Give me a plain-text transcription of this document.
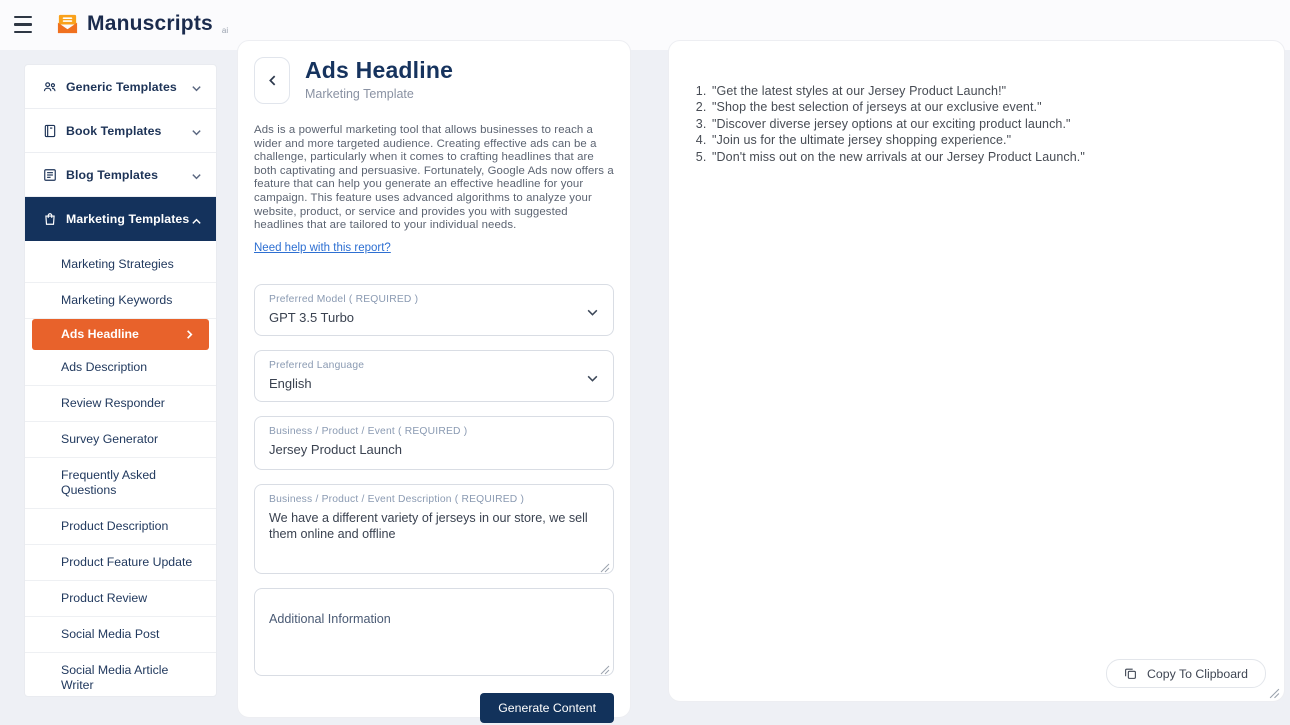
Manuscripts ai
Generic Templates
Book Templates
Blog Templates
Marketing Templates
Marketing Strategies
Marketing Keywords
Ads Headline
Ads Description
Review Responder
Survey Generator
Frequently Asked Questions
Product Description
Product Feature Update
Product Review
Social Media Post
Social Media Article Writer
Ads Headline
Marketing Template
Ads is a powerful marketing tool that allows businesses to reach a wider and more targeted audience. Creating effective ads can be a challenge, particularly when it comes to crafting headlines that are both captivating and persuasive. Fortunately, Google Ads now offers a feature that can help you generate an effective headline for your campaign. This feature uses advanced algorithms to analyze your website, product, or service and provides you with suggested headlines that are tailored to your individual needs.
Need help with this report?
Preferred Model ( REQUIRED )
GPT 3.5 Turbo
Preferred Language
English
Business / Product / Event ( REQUIRED )
Jersey Product Launch
Business / Product / Event Description ( REQUIRED )
We have a different variety of jerseys in our store, we sell them online and offline
Additional Information
Generate Content
1. "Get the latest styles at our Jersey Product Launch!"
2. "Shop the best selection of jerseys at our exclusive event."
3. "Discover diverse jersey options at our exciting product launch."
4. "Join us for the ultimate jersey shopping experience."
5. "Don't miss out on the new arrivals at our Jersey Product Launch."
Copy To Clipboard
